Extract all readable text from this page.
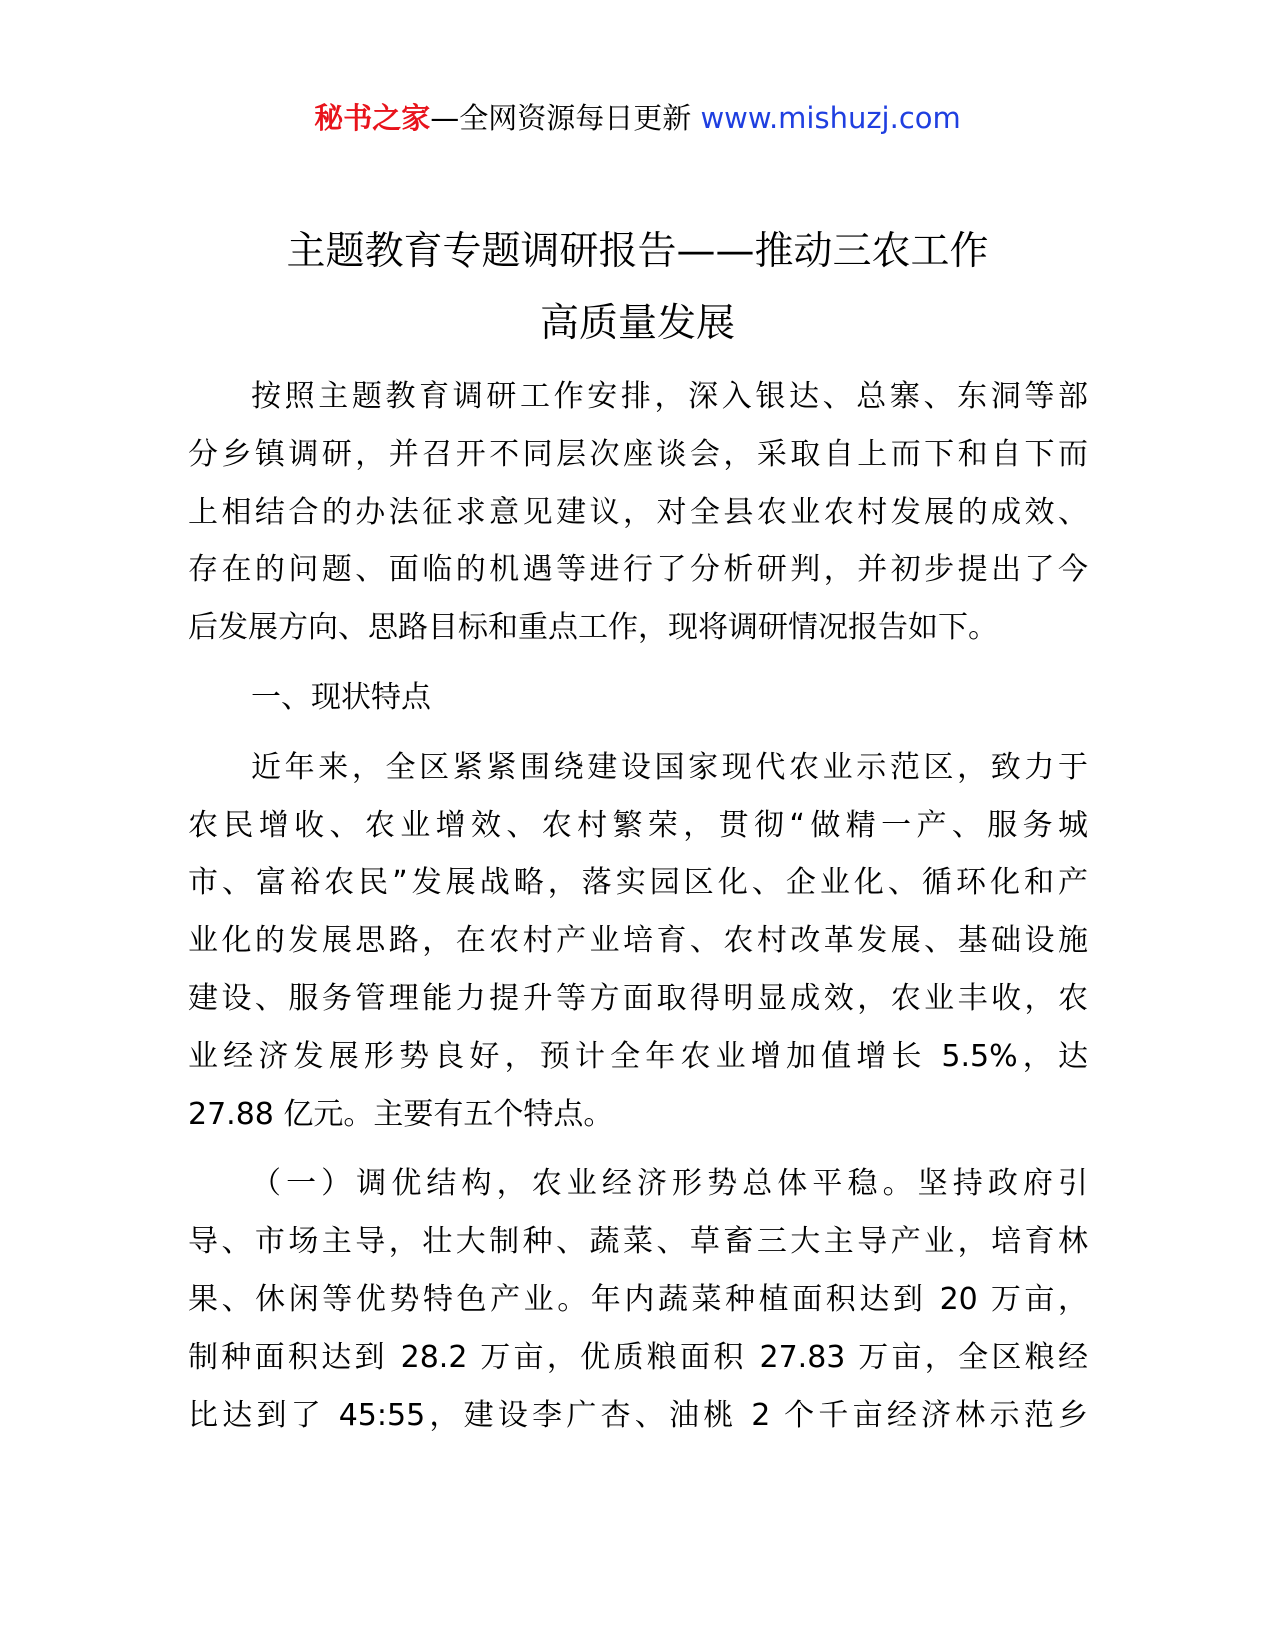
秘书之家—全网资源每日更新 www.mishuzj.com
主题教育专题调研报告——推动三农工作
高质量发展
按照主题教育调研工作安排，深入银达、总寨、东洞等部
分乡镇调研，并召开不同层次座谈会，采取自上而下和自下而
上相结合的办法征求意见建议，对全县农业农村发展的成效、
存在的问题、面临的机遇等进行了分析研判，并初步提出了今
后发展方向、思路目标和重点工作，现将调研情况报告如下。
一、现状特点
近年来，全区紧紧围绕建设国家现代农业示范区，致力于
农民增收、农业增效、农村繁荣，贯彻“做精一产、服务城
市、富裕农民”发展战略，落实园区化、企业化、循环化和产
业化的发展思路，在农村产业培育、农村改革发展、基础设施
建设、服务管理能力提升等方面取得明显成效，农业丰收，农
业经济发展形势良好，预计全年农业增加值增长 5.5%，达
27.88 亿元。主要有五个特点。
（一）调优结构，农业经济形势总体平稳。坚持政府引
导、市场主导，壮大制种、蔬菜、草畜三大主导产业，培育林
果、休闲等优势特色产业。年内蔬菜种植面积达到 20 万亩，
制种面积达到 28.2 万亩，优质粮面积 27.83 万亩，全区粮经
比达到了 45:55，建设李广杏、油桃 2 个千亩经济林示范乡
